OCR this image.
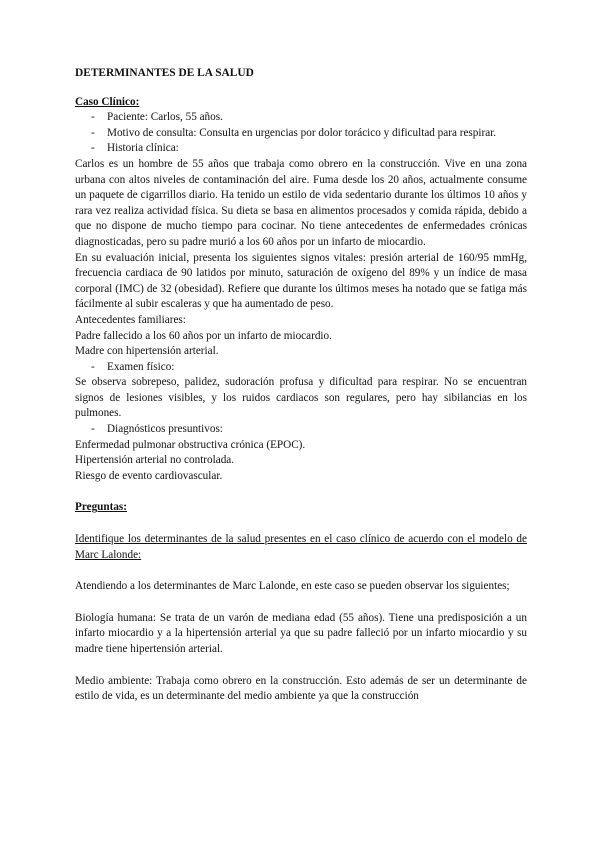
DETERMINANTES DE LA SALUD
Caso Clínico:
-	Paciente: Carlos, 55 años.
-	Motivo de consulta: Consulta en urgencias por dolor torácico y dificultad para respirar.
-	Historia clínica:

Carlos es un hombre de 55 años que trabaja como obrero en la construcción. Vive en una zona urbana con altos niveles de contaminación del aire. Fuma desde los 20 años, actualmente consume un paquete de cigarrillos diario. Ha tenido un estilo de vida sedentario durante los últimos 10 años y rara vez realiza actividad física. Su dieta se basa en alimentos procesados y comida rápida, debido a que no dispone de mucho tiempo para cocinar. No tiene antecedentes de enfermedades crónicas diagnosticadas, pero su padre murió a los 60 años por un infarto de miocardio.

En su evaluación inicial, presenta los siguientes signos vitales: presión arterial de 160/95 mmHg, frecuencia cardiaca de 90 latidos por minuto, saturación de oxígeno del 89% y un índice de masa corporal (IMC) de 32 (obesidad). Refiere que durante los últimos meses ha notado que se fatiga más fácilmente al subir escaleras y que ha aumentado de peso.

Antecedentes familiares:

Padre fallecido a los 60 años por un infarto de miocardio.

Madre con hipertensión arterial.

-	Examen físico:

Se observa sobrepeso, palidez, sudoración profusa y dificultad para respirar. No se encuentran signos de lesiones visibles, y los ruidos cardiacos son regulares, pero hay sibilancias en los pulmones.

-	Diagnósticos presuntivos:

Enfermedad pulmonar obstructiva crónica (EPOC).

Hipertensión arterial no controlada.

Riesgo de evento cardiovascular.

Preguntas:

Identifique los determinantes de la salud presentes en el caso clínico de acuerdo con el modelo de Marc Lalonde:

Atendiendo a los determinantes de Marc Lalonde, en este caso se pueden observar los siguientes;

Biología humana: Se trata de un varón de mediana edad (55 años). Tiene una predisposición a un infarto miocardio y a la hipertensión arterial ya que su padre falleció por un infarto miocardio y su madre tiene hipertensión arterial.

Medio ambiente: Trabaja como obrero en la construcción. Esto además de ser un determinante de estilo de vida, es un determinante del medio ambiente ya que la construcción
